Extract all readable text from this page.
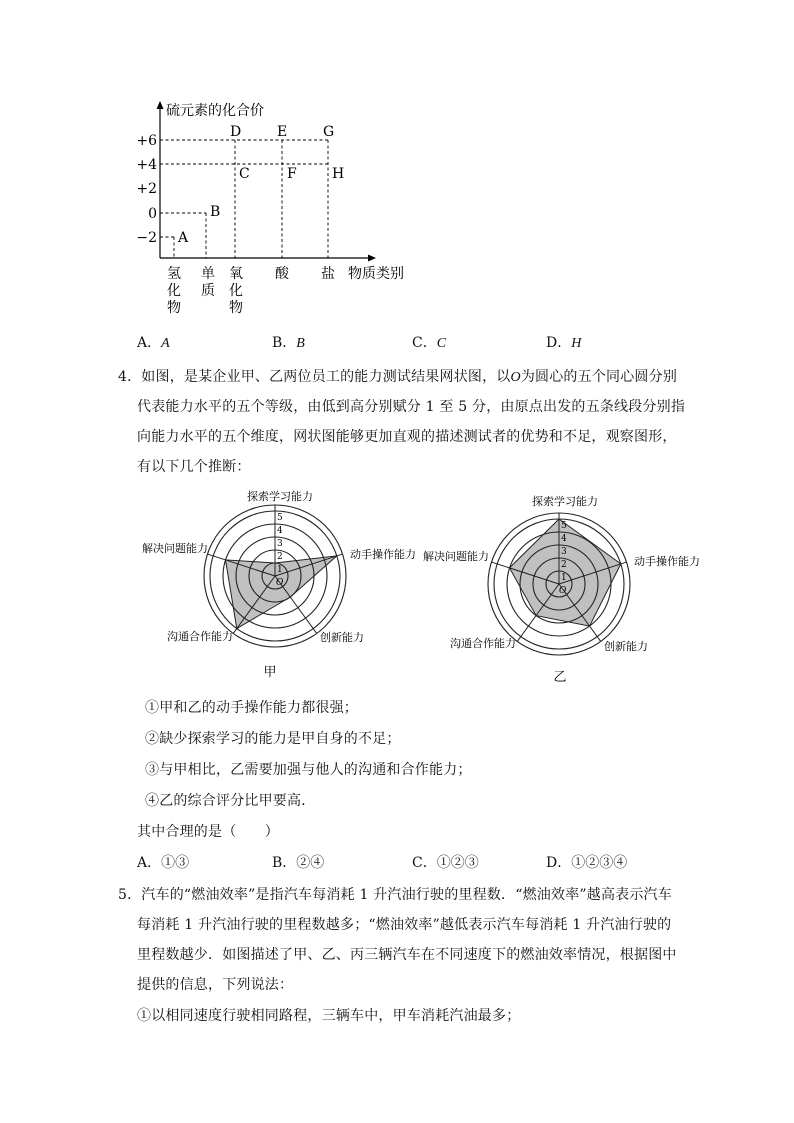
硫元素的化合价
+6
+4
+2
0
−2 A
B
C
D	E
F
G
H
氢化物
单质
氧化物
酸 盐 物质类别
A．A	B．B	C．C	D．H
4．如图，是某企业甲、乙两位员工的能力测试结果网状图，以O为圆心的五个同心圆分别
代表能力水平的五个等级，由低到高分别赋分 1 至 5 分，由原点出发的五条线段分别指
向能力水平的五个维度，网状图能够更加直观的描述测试者的优势和不足，观察图形，
有以下几个推断：
1
2
3
4
5
O
探索学习能力
动手操作能力
创新能力
沟通合作能力
解决问题能力
甲
1
2
3
4
5
O
探索学习能力
动手操作能力
创新能力
沟通合作能力
解决问题能力
乙
①甲和乙的动手操作能力都很强；
②缺少探索学习的能力是甲自身的不足；
③与甲相比，乙需要加强与他人的沟通和合作能力；
④乙的综合评分比甲要高．
其中合理的是（　　）
A．①③	B．②④	C．①②③	D．①②③④
5．汽车的“燃油效率”是指汽车每消耗 1 升汽油行驶的里程数．“燃油效率”越高表示汽车
每消耗 1 升汽油行驶的里程数越多；“燃油效率”越低表示汽车每消耗 1 升汽油行驶的
里程数越少．如图描述了甲、乙、丙三辆汽车在不同速度下的燃油效率情况，根据图中
提供的信息，下列说法：
①以相同速度行驶相同路程，三辆车中，甲车消耗汽油最多；
